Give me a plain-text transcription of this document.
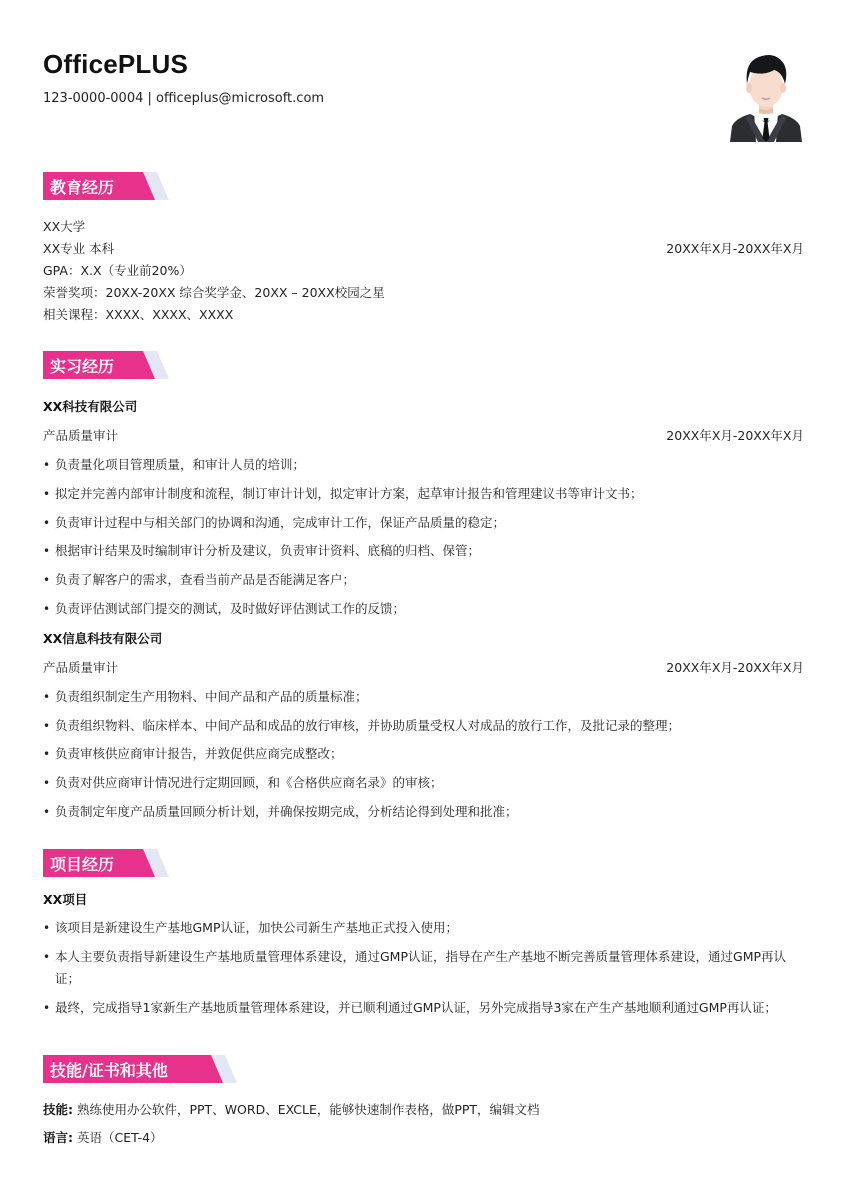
OfficePLUS
123-0000-0004 | officeplus@microsoft.com
教育经历
XX大学
XX专业 本科	20XX年X月-20XX年X月
GPA：X.X（专业前20%）
荣誉奖项：20XX-20XX 综合奖学金、20XX – 20XX校园之星
相关课程：XXXX、XXXX、XXXX
实习经历
XX科技有限公司
产品质量审计	20XX年X月-20XX年X月
• 负责量化项目管理质量，和审计人员的培训；
• 拟定并完善内部审计制度和流程，制订审计计划，拟定审计方案，起草审计报告和管理建议书等审计文书；
• 负责审计过程中与相关部门的协调和沟通，完成审计工作，保证产品质量的稳定；
• 根据审计结果及时编制审计分析及建议，负责审计资料、底稿的归档、保管；
• 负责了解客户的需求，查看当前产品是否能满足客户；
• 负责评估测试部门提交的测试，及时做好评估测试工作的反馈；
XX信息科技有限公司
产品质量审计	20XX年X月-20XX年X月
• 负责组织制定生产用物料、中间产品和产品的质量标准；
• 负责组织物料、临床样本、中间产品和成品的放行审核，并协助质量受权人对成品的放行工作，及批记录的整理；
• 负责审核供应商审计报告，并敦促供应商完成整改；
• 负责对供应商审计情况进行定期回顾，和《合格供应商名录》的审核；
• 负责制定年度产品质量回顾分析计划，并确保按期完成，分析结论得到处理和批准；
项目经历
XX项目
• 该项目是新建设生产基地GMP认证，加快公司新生产基地正式投入使用；
• 本人主要负责指导新建设生产基地质量管理体系建设，通过GMP认证，指导在产生产基地不断完善质量管理体系建设，通过GMP再认证；
• 最终，完成指导1家新生产基地质量管理体系建设，并已顺利通过GMP认证，另外完成指导3家在产生产基地顺利通过GMP再认证；
技能/证书和其他
技能: 熟练使用办公软件，PPT、WORD、EXCLE，能够快速制作表格，做PPT，编辑文档
语言: 英语（CET-4）
